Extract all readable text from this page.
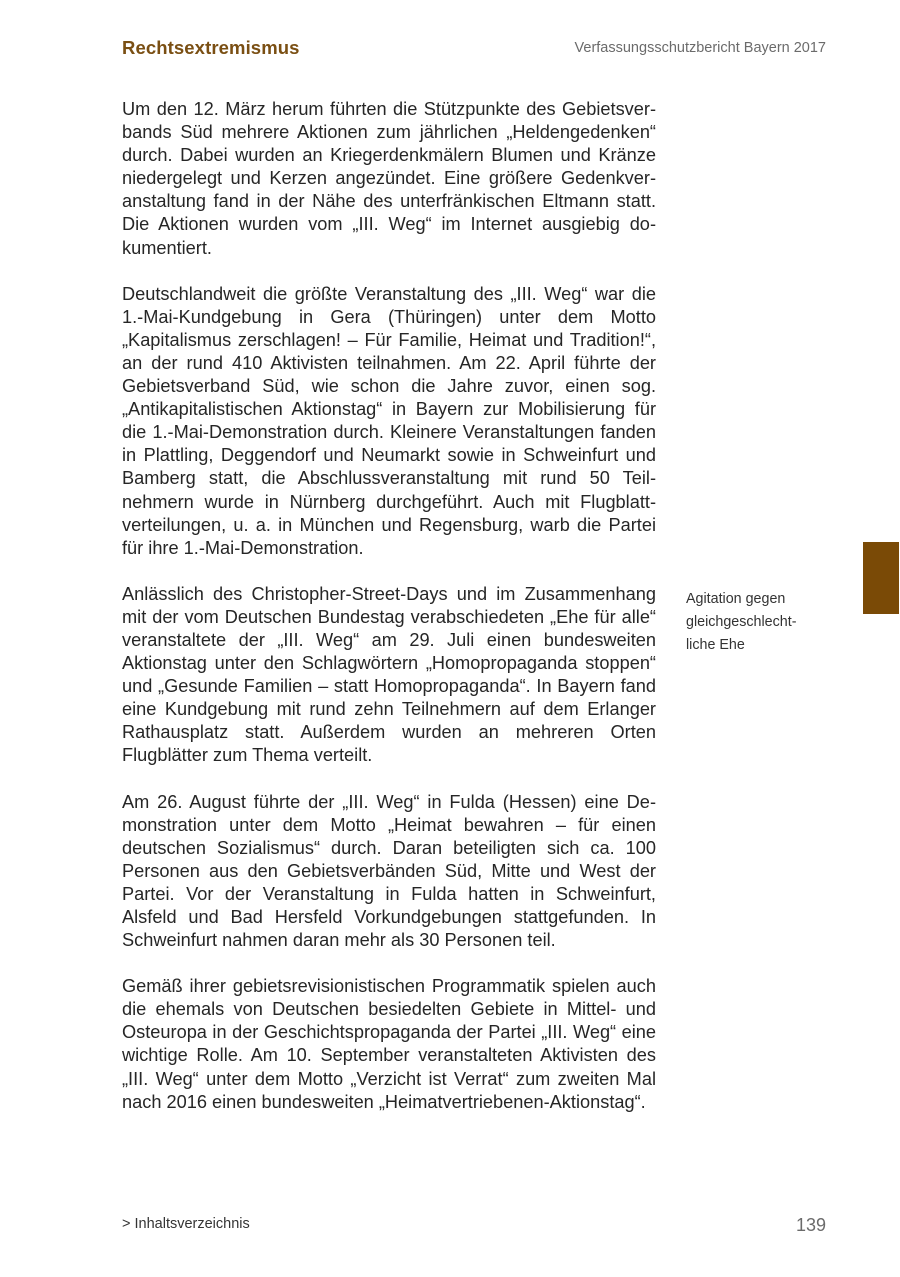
Rechtsextremismus	Verfassungsschutzbericht Bayern 2017

Um den 12. März herum führten die Stützpunkte des Gebietsverbands Süd mehrere Aktionen zum jährlichen „Heldengedenken“ durch. Dabei wurden an Kriegerdenkmälern Blumen und Kränze niedergelegt und Kerzen angezündet. Eine größere Gedenkveranstaltung fand in der Nähe des unterfränkischen Eltmann statt. Die Aktionen wurden vom „III. Weg“ im Internet ausgiebig dokumentiert.

Deutschlandweit die größte Veranstaltung des „III. Weg“ war die 1.-Mai-Kundgebung in Gera (Thüringen) unter dem Motto „Kapitalismus zerschlagen! – Für Familie, Heimat und Tradition!“, an der rund 410 Aktivisten teilnahmen. Am 22. April führte der Gebietsverband Süd, wie schon die Jahre zuvor, einen sog. „Antikapitalistischen Aktionstag“ in Bayern zur Mobilisierung für die 1.-Mai-Demonstration durch. Kleinere Veranstaltungen fanden in Plattling, Deggendorf und Neumarkt sowie in Schweinfurt und Bamberg statt, die Abschlussveranstaltung mit rund 50 Teilnehmern wurde in Nürnberg durchgeführt. Auch mit Flugblattverteilungen, u. a. in München und Regensburg, warb die Partei für ihre 1.-Mai-Demonstration.

Anlässlich des Christopher-Street-Days und im Zusammenhang mit der vom Deutschen Bundestag verabschiedeten „Ehe für alle“ veranstaltete der „III. Weg“ am 29. Juli einen bundesweiten Aktionstag unter den Schlagwörtern „Homopropaganda stoppen“ und „Gesunde Familien – statt Homopropaganda“. In Bayern fand eine Kundgebung mit rund zehn Teilnehmern auf dem Erlanger Rathausplatz statt. Außerdem wurden an mehreren Orten Flugblätter zum Thema verteilt.

Am 26. August führte der „III. Weg“ in Fulda (Hessen) eine Demonstration unter dem Motto „Heimat bewahren – für einen deutschen Sozialismus“ durch. Daran beteiligten sich ca. 100 Personen aus den Gebietsverbänden Süd, Mitte und West der Partei. Vor der Veranstaltung in Fulda hatten in Schweinfurt, Alsfeld und Bad Hersfeld Vorkundgebungen stattgefunden. In Schweinfurt nahmen daran mehr als 30 Personen teil.

Gemäß ihrer gebietsrevisionistischen Programmatik spielen auch die ehemals von Deutschen besiedelten Gebiete in Mittel- und Osteuropa in der Geschichtspropaganda der Partei „III. Weg“ eine wichtige Rolle. Am 10. September veranstalteten Aktivisten des „III. Weg“ unter dem Motto „Verzicht ist Verrat“ zum zweiten Mal nach 2016 einen bundesweiten „Heimatvertriebenen-Aktionstag“.

Agitation gegen
gleichgeschlecht-
liche Ehe
> Inhaltsverzeichnis	139
